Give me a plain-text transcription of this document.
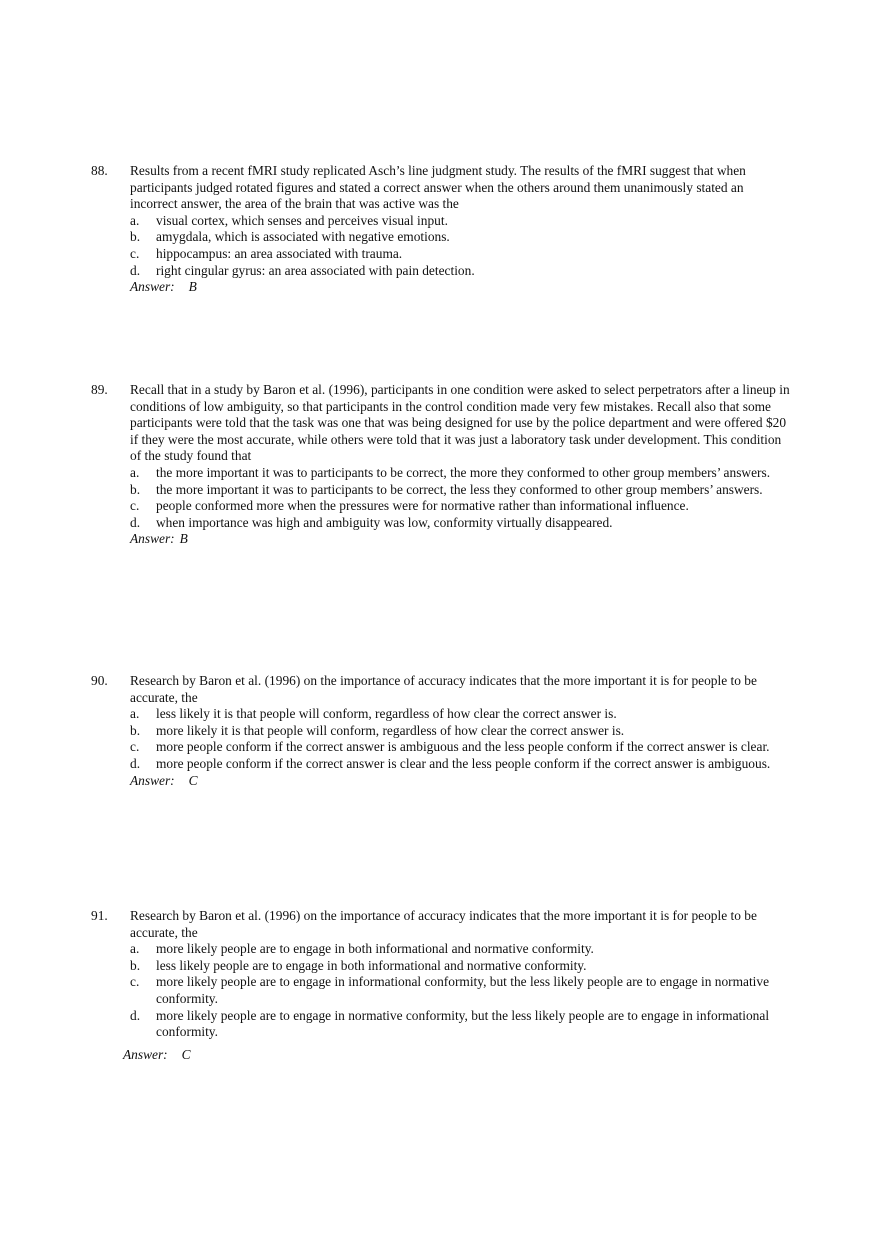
88. Results from a recent fMRI study replicated Asch’s line judgment study. The results of the fMRI suggest that when participants judged rotated figures and stated a correct answer when the others around them unanimously stated an incorrect answer, the area of the brain that was active was the
a. visual cortex, which senses and perceives visual input.
b. amygdala, which is associated with negative emotions.
c. hippocampus: an area associated with trauma.
d. right cingular gyrus: an area associated with pain detection.
Answer: B
89. Recall that in a study by Baron et al. (1996), participants in one condition were asked to select perpetrators after a lineup in conditions of low ambiguity, so that participants in the control condition made very few mistakes. Recall also that some participants were told that the task was one that was being designed for use by the police department and were offered $20 if they were the most accurate, while others were told that it was just a laboratory task under development. This condition of the study found that
a. the more important it was to participants to be correct, the more they conformed to other group members’ answers.
b. the more important it was to participants to be correct, the less they conformed to other group members’ answers.
c. people conformed more when the pressures were for normative rather than informational influence.
d. when importance was high and ambiguity was low, conformity virtually disappeared.
Answer: B
90. Research by Baron et al. (1996) on the importance of accuracy indicates that the more important it is for people to be accurate, the
a. less likely it is that people will conform, regardless of how clear the correct answer is.
b. more likely it is that people will conform, regardless of how clear the correct answer is.
c. more people conform if the correct answer is ambiguous and the less people conform if the correct answer is clear.
d. more people conform if the correct answer is clear and the less people conform if the correct answer is ambiguous.
Answer: C
91. Research by Baron et al. (1996) on the importance of accuracy indicates that the more important it is for people to be accurate, the
a. more likely people are to engage in both informational and normative conformity.
b. less likely people are to engage in both informational and normative conformity.
c. more likely people are to engage in informational conformity, but the less likely people are to engage in normative conformity.
d. more likely people are to engage in normative conformity, but the less likely people are to engage in informational conformity.
Answer: C
